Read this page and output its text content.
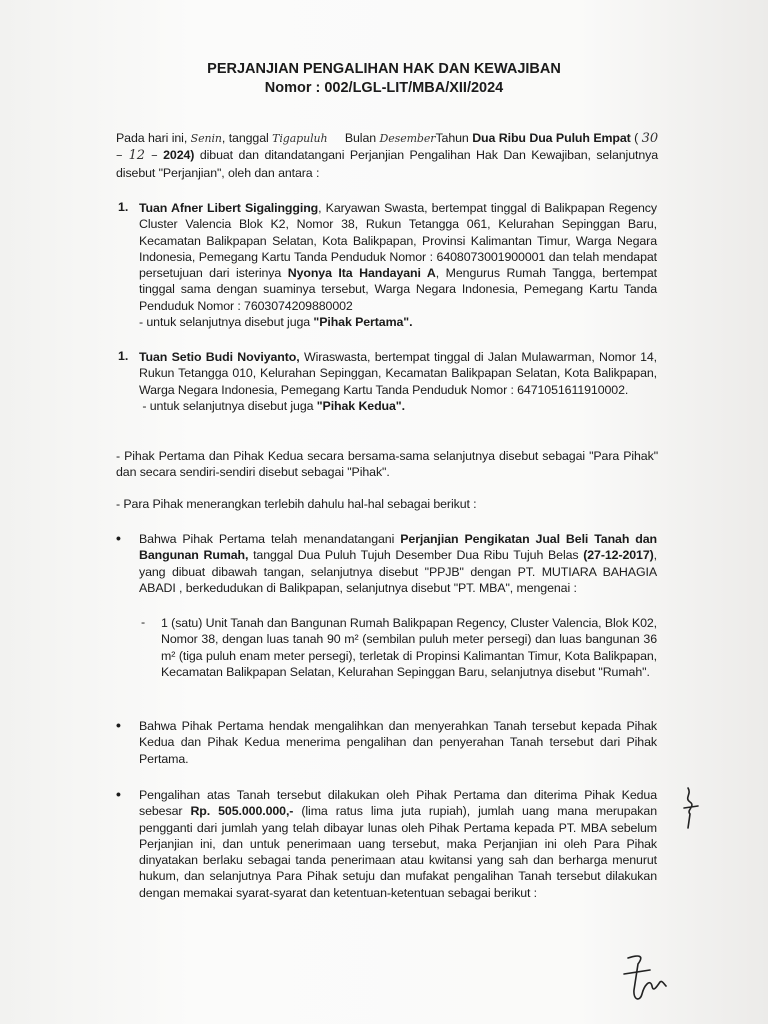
PERJANJIAN PENGALIHAN HAK DAN KEWAJIBAN
Nomor : 002/LGL-LIT/MBA/XII/2024
Pada hari ini, Senin, tanggal Tigapuluh Bulan DesemberTahun Dua Ribu Dua Puluh Empat ( 30 – 12 – 2024) dibuat dan ditandatangani Perjanjian Pengalihan Hak Dan Kewajiban, selanjutnya disebut "Perjanjian", oleh dan antara :
1. Tuan Afner Libert Sigalingging, Karyawan Swasta, bertempat tinggal di Balikpapan Regency Cluster Valencia Blok K2, Nomor 38, Rukun Tetangga 061, Kelurahan Sepinggan Baru, Kecamatan Balikpapan Selatan, Kota Balikpapan, Provinsi Kalimantan Timur, Warga Negara Indonesia, Pemegang Kartu Tanda Penduduk Nomor : 6408073001900001 dan telah mendapat persetujuan dari isterinya Nyonya Ita Handayani A, Mengurus Rumah Tangga, bertempat tinggal sama dengan suaminya tersebut, Warga Negara Indonesia, Pemegang Kartu Tanda Penduduk Nomor : 7603074209880002
- untuk selanjutnya disebut juga "Pihak Pertama".
1. Tuan Setio Budi Noviyanto, Wiraswasta, bertempat tinggal di Jalan Mulawarman, Nomor 14, Rukun Tetangga 010, Kelurahan Sepinggan, Kecamatan Balikpapan Selatan, Kota Balikpapan, Warga Negara Indonesia, Pemegang Kartu Tanda Penduduk Nomor : 6471051611910002.
- untuk selanjutnya disebut juga "Pihak Kedua".
- Pihak Pertama dan Pihak Kedua secara bersama-sama selanjutnya disebut sebagai "Para Pihak" dan secara sendiri-sendiri disebut sebagai "Pihak".
- Para Pihak menerangkan terlebih dahulu hal-hal sebagai berikut :
• Bahwa Pihak Pertama telah menandatangani Perjanjian Pengikatan Jual Beli Tanah dan Bangunan Rumah, tanggal Dua Puluh Tujuh Desember Dua Ribu Tujuh Belas (27-12-2017), yang dibuat dibawah tangan, selanjutnya disebut "PPJB" dengan PT. MUTIARA BAHAGIA ABADI , berkedudukan di Balikpapan, selanjutnya disebut "PT. MBA", mengenai :
- 1 (satu) Unit Tanah dan Bangunan Rumah Balikpapan Regency, Cluster Valencia, Blok K02, Nomor 38, dengan luas tanah 90 m² (sembilan puluh meter persegi) dan luas bangunan 36 m² (tiga puluh enam meter persegi), terletak di Propinsi Kalimantan Timur, Kota Balikpapan, Kecamatan Balikpapan Selatan, Kelurahan Sepinggan Baru, selanjutnya disebut "Rumah".
• Bahwa Pihak Pertama hendak mengalihkan dan menyerahkan Tanah tersebut kepada Pihak Kedua dan Pihak Kedua menerima pengalihan dan penyerahan Tanah tersebut dari Pihak Pertama.
• Pengalihan atas Tanah tersebut dilakukan oleh Pihak Pertama dan diterima Pihak Kedua sebesar Rp. 505.000.000,- (lima ratus lima juta rupiah), jumlah uang mana merupakan pengganti dari jumlah yang telah dibayar lunas oleh Pihak Pertama kepada PT. MBA sebelum Perjanjian ini, dan untuk penerimaan uang tersebut, maka Perjanjian ini oleh Para Pihak dinyatakan berlaku sebagai tanda penerimaan atau kwitansi yang sah dan berharga menurut hukum, dan selanjutnya Para Pihak setuju dan mufakat pengalihan Tanah tersebut dilakukan dengan memakai syarat-syarat dan ketentuan-ketentuan sebagai berikut :
